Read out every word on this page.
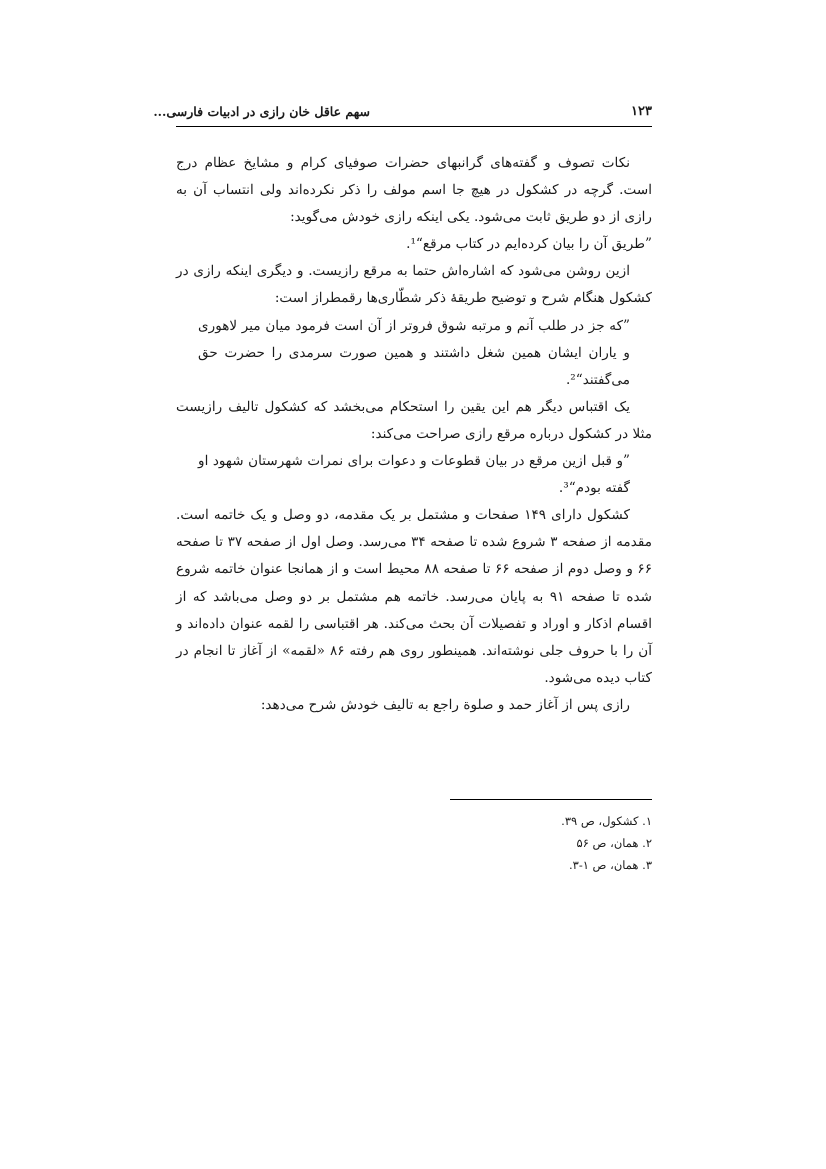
۱۲۳
سهم عاقل خان رازی در ادبیات فارسی...

نکات تصوف و گفته‌های گرانبهای حضرات صوفیای کرام و مشایخ عظام درج است. گرچه در کشکول در هیچ جا اسم مولف را ذکر نکرده‌اند ولی انتساب آن به رازی از دو طریق ثابت می‌شود. یکی اینکه رازی خودش می‌گوید:

”طریق آن را بیان کرده‌ایم در کتاب مرقع“¹.

ازین روشن می‌شود که اشاره‌اش حتما به مرقع رازیست. و دیگری اینکه رازی در کشکول هنگام شرح و توضیح طریقهٔ ذکر شطّاری‌ها رقمطراز است:

”که جز در طلب آنم و مرتبه شوق فروتر از آن است فرمود میان میر لاهوری و یاران ایشان همین شغل داشتند و همین صورت سرمدی را حضرت حق می‌گفتند“².

یک اقتباس دیگر هم این یقین را استحکام می‌بخشد که کشکول تالیف رازیست مثلا در کشکول درباره مرقع رازی صراحت می‌کند:

”و قبل ازین مرقع در بیان قطوعات و دعوات برای نمرات شهرستان شهود او گفته بودم“³.

کشکول دارای ۱۴۹ صفحات و مشتمل بر یک مقدمه، دو وصل و یک خاتمه است. مقدمه از صفحه ۳ شروع شده تا صفحه ۳۴ می‌رسد. وصل اول از صفحه ۳۷ تا صفحه ۶۶ و وصل دوم از صفحه ۶۶ تا صفحه ۸۸ محیط است و از همانجا عنوان خاتمه شروع شده تا صفحه ۹۱ به پایان می‌رسد. خاتمه هم مشتمل بر دو وصل می‌باشد که از اقسام اذکار و اوراد و تفصیلات آن بحث می‌کند. هر اقتباسی را لقمه عنوان داده‌اند و آن را با حروف جلی نوشته‌اند. همینطور روی هم رفته ۸۶ «لقمه» از آغاز تا انجام در کتاب دیده می‌شود.

رازی پس از آغاز حمد و صلوة راجع به تالیف خودش شرح می‌دهد:

۱. کشکول، ص ۳۹.

۲. همان، ص ۵۶

۳. همان، ص ۱-۳.
